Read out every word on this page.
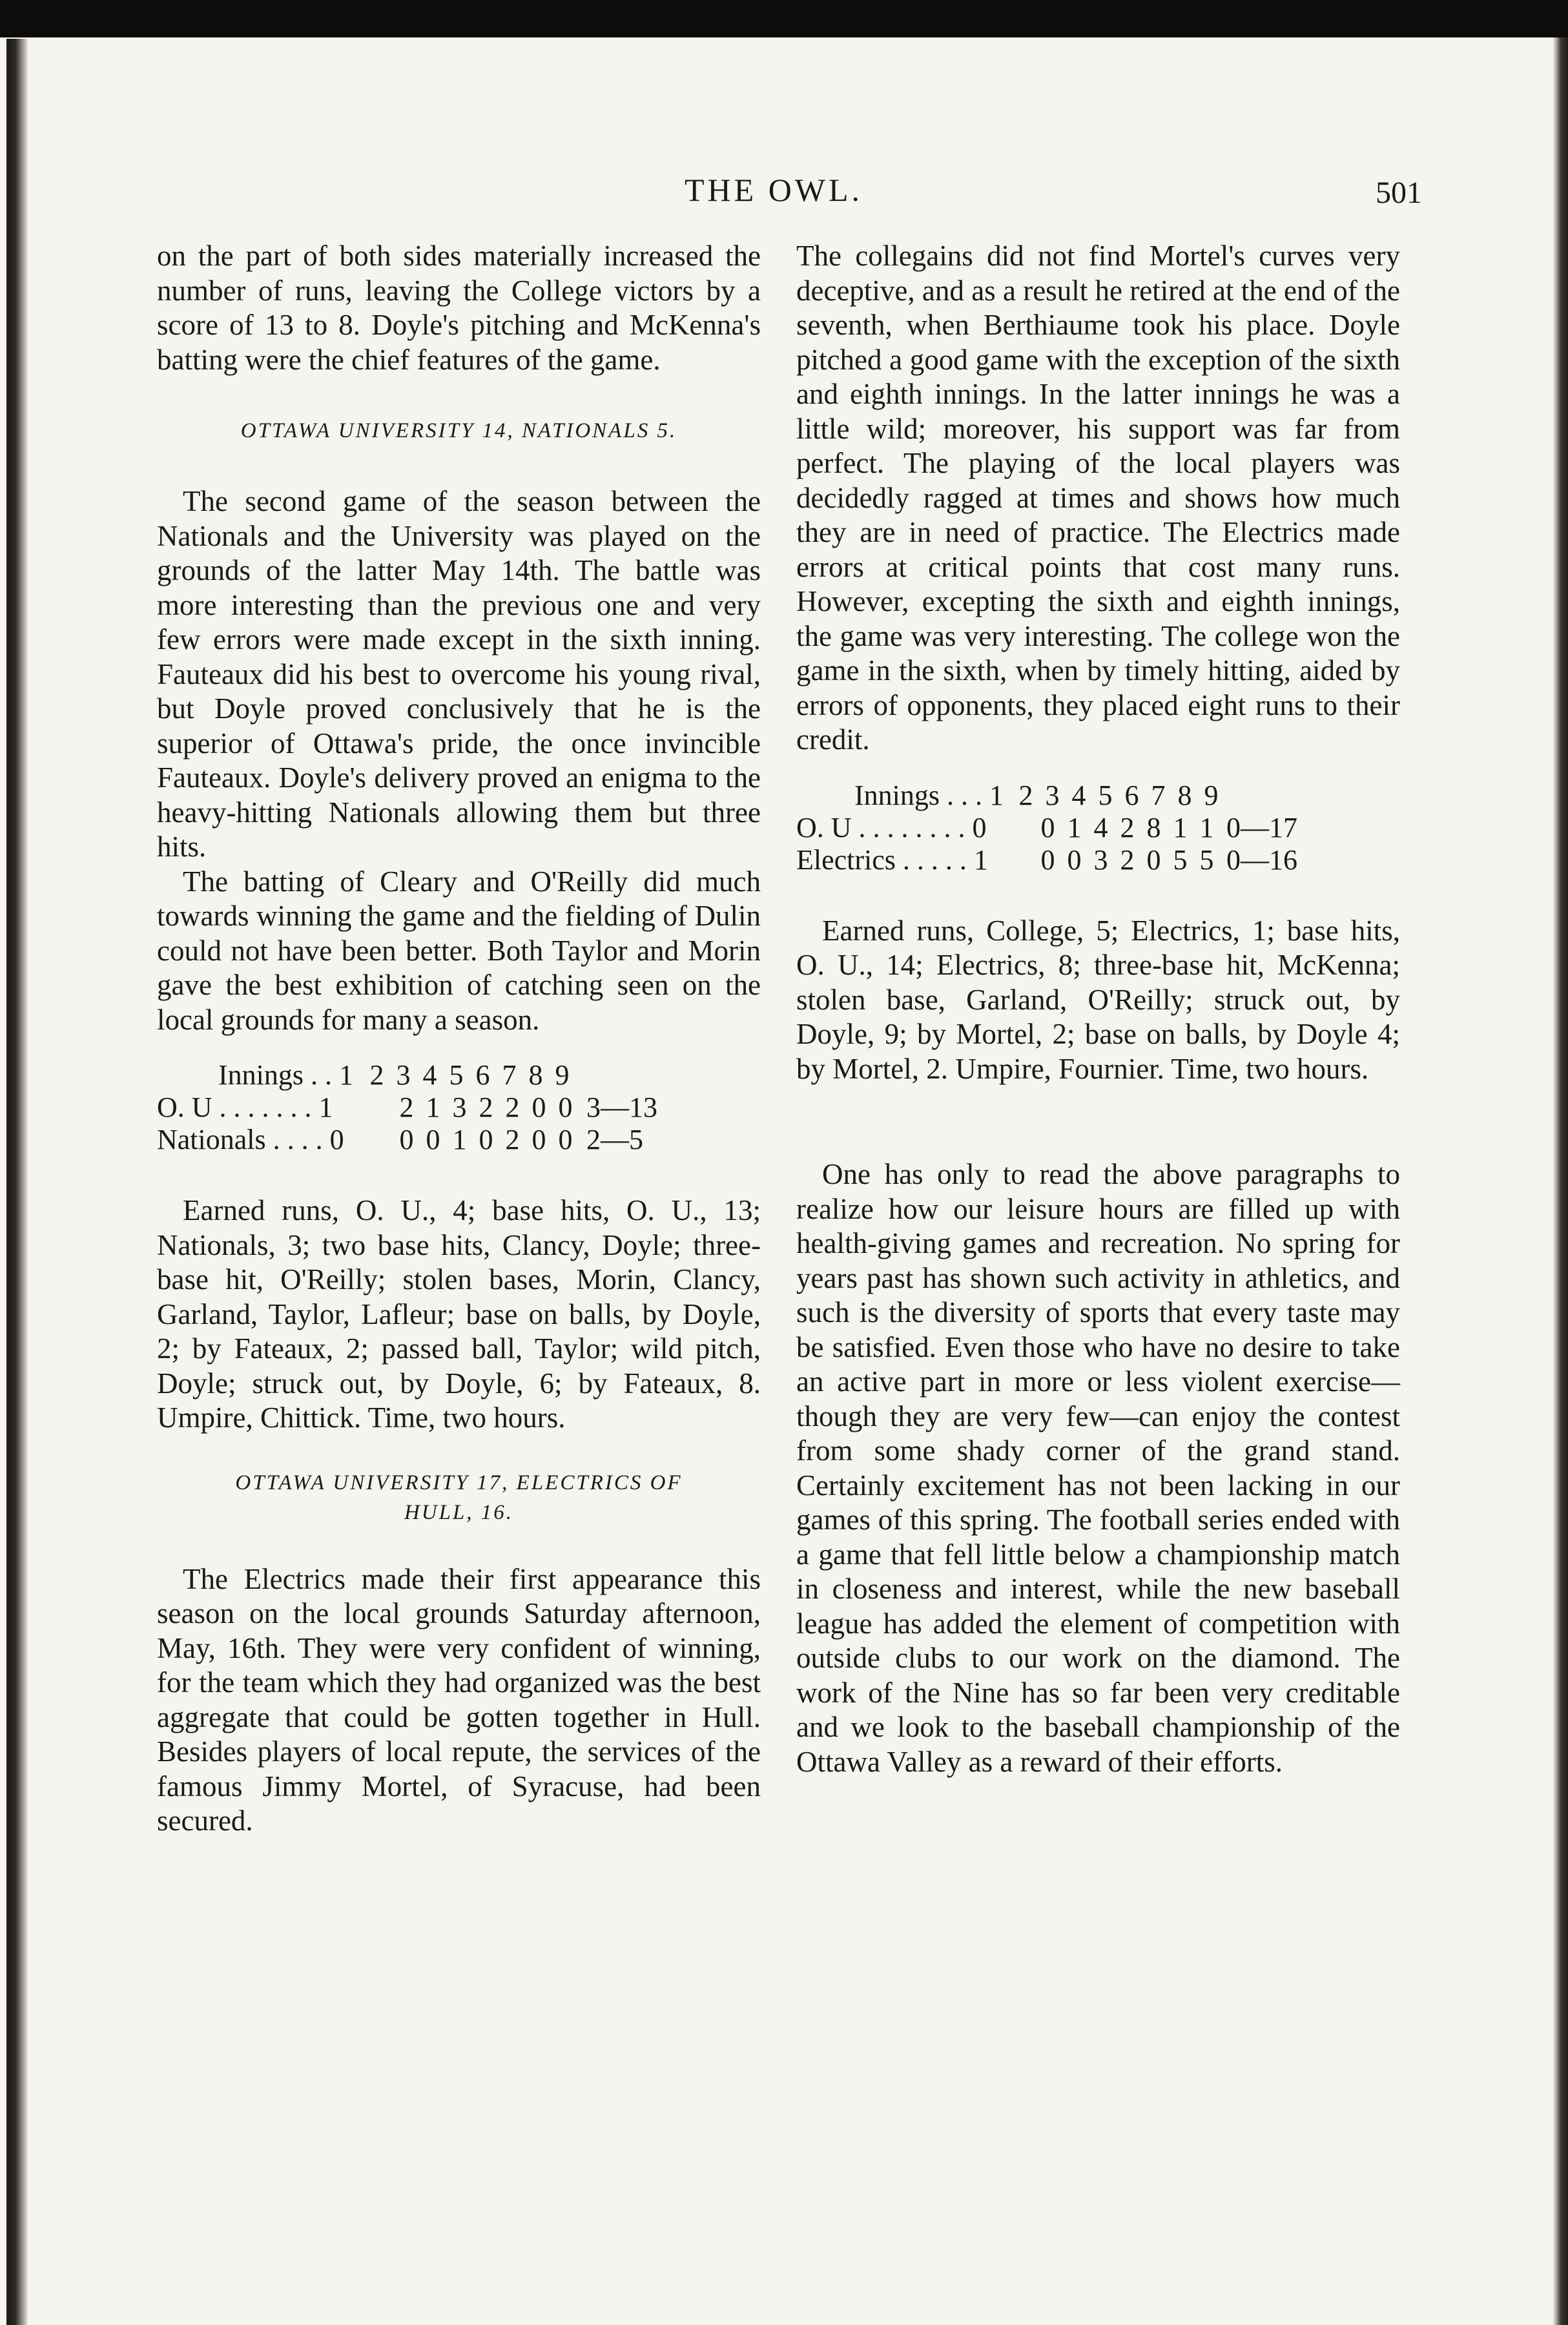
THE OWL.	501

on the part of both sides materially increased the number of runs, leaving the College victors by a score of 13 to 8. Doyle's pitching and McKenna's batting were the chief features of the game.

OTTAWA UNIVERSITY 14, NATIONALS 5.

The second game of the season between the Nationals and the University was played on the grounds of the latter May 14th. The battle was more interesting than the previous one and very few errors were made except in the sixth inning. Fauteaux did his best to overcome his young rival, but Doyle proved conclusively that he is the superior of Ottawa's pride, the once invincible Fauteaux. Doyle's delivery proved an enigma to the heavy-hitting Nationals allowing them but three hits.

The batting of Cleary and O'Reilly did much towards winning the game and the fielding of Dulin could not have been better. Both Taylor and Morin gave the best exhibition of catching seen on the local grounds for many a season.

Innings . . 1 2 3 4 5 6 7 8 9
O. U . . . . . . . 1	2 1 3 2 2 0 0 3—13
Nationals . . . . 0	0 0 1 0 2 0 0 2—5

Earned runs, O. U., 4; base hits, O. U., 13; Nationals, 3; two base hits, Clancy, Doyle; three-base hit, O'Reilly; stolen bases, Morin, Clancy, Garland, Taylor, Lafleur; base on balls, by Doyle, 2; by Fateaux, 2; passed ball, Taylor; wild pitch, Doyle; struck out, by Doyle, 6; by Fateaux, 8. Umpire, Chittick. Time, two hours.

OTTAWA UNIVERSITY 17, ELECTRICS OF
HULL, 16.

The Electrics made their first appearance this season on the local grounds Saturday afternoon, May, 16th. They were very confident of winning, for the team which they had organized was the best aggregate that could be gotten together in Hull. Besides players of local repute, the services of the famous Jimmy Mortel, of Syracuse, had been secured.

The collegains did not find Mortel's curves very deceptive, and as a result he retired at the end of the seventh, when Berthiaume took his place. Doyle pitched a good game with the exception of the sixth and eighth innings. In the latter innings he was a little wild; moreover, his support was far from perfect. The playing of the local players was decidedly ragged at times and shows how much they are in need of practice. The Electrics made errors at critical points that cost many runs. However, excepting the sixth and eighth innings, the game was very interesting. The college won the game in the sixth, when by timely hitting, aided by errors of opponents, they placed eight runs to their credit.

Innings . . . 1 2 3 4 5 6 7 8 9
O. U . . . . . . . . 0	0 1 4 2 8 1 1 0—17
Electrics . . . . . 1	0 0 3 2 0 5 5 0—16

Earned runs, College, 5; Electrics, 1; base hits, O. U., 14; Electrics, 8; three-base hit, McKenna; stolen base, Garland, O'Reilly; struck out, by Doyle, 9; by Mortel, 2; base on balls, by Doyle 4; by Mortel, 2. Umpire, Fournier. Time, two hours.

One has only to read the above paragraphs to realize how our leisure hours are filled up with health-giving games and recreation. No spring for years past has shown such activity in athletics, and such is the diversity of sports that every taste may be satisfied. Even those who have no desire to take an active part in more or less violent exercise—though they are very few—can enjoy the contest from some shady corner of the grand stand. Certainly excitement has not been lacking in our games of this spring. The football series ended with a game that fell little below a championship match in closeness and interest, while the new baseball league has added the element of competition with outside clubs to our work on the diamond. The work of the Nine has so far been very creditable and we look to the baseball championship of the Ottawa Valley as a reward of their efforts.
